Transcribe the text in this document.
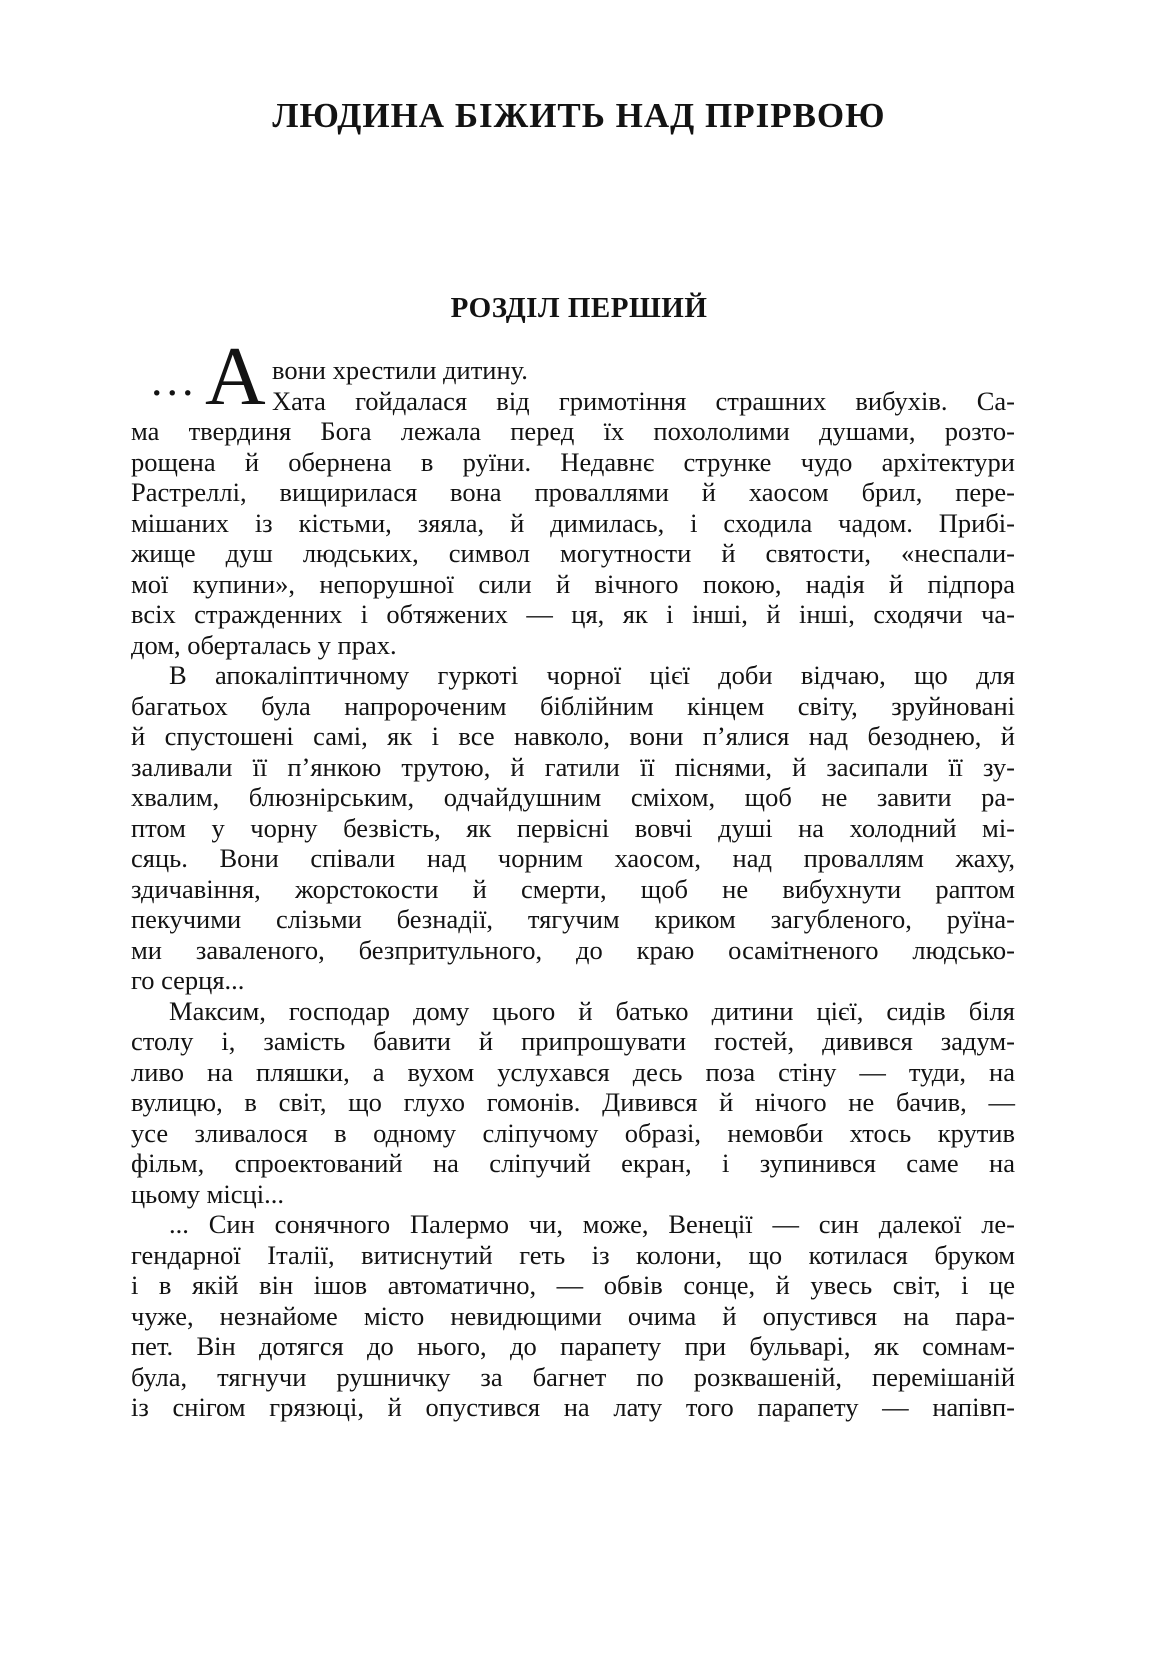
ЛЮДИНА БІЖИТЬ НАД ПРІРВОЮ
РОЗДІЛ ПЕРШИЙ
... А вони хрестили дитину.
Хата гойдалася від гримотіння страшних вибухів. Са-
ма твердиня Бога лежала перед їх похололими душами, розто-
рощена й обернена в руїни. Недавнє струнке чудо архітектури
Растреллі, вищирилася вона проваллями й хаосом брил, пере-
мішаних із кістьми, зяяла, й димилась, і сходила чадом. Прибі-
жище душ людських, символ могутности й святости, «неспали-
мої купини», непорушної сили й вічного покою, надія й підпора
всіх стражденних і обтяжених — ця, як і інші, й інші, сходячи ча-
дом, оберталась у прах.
В апокаліптичному гуркоті чорної цієї доби відчаю, що для
багатьох була напророченим біблійним кінцем світу, зруйновані
й спустошені самі, як і все навколо, вони п’ялися над безоднею, й
заливали її п’янкою трутою, й гатили її піснями, й засипали її зу-
хвалим, блюзнірським, одчайдушним сміхом, щоб не завити ра-
птом у чорну безвість, як первісні вовчі душі на холодний мі-
сяць. Вони співали над чорним хаосом, над проваллям жаху,
здичавіння, жорстокости й смерти, щоб не вибухнути раптом
пекучими слізьми безнадії, тягучим криком загубленого, руїна-
ми заваленого, безпритульного, до краю осамітненого людсько-
го серця...
Максим, господар дому цього й батько дитини цієї, сидів біля
столу і, замість бавити й припрошувати гостей, дивився задум-
ливо на пляшки, а вухом услухався десь поза стіну — туди, на
вулицю, в світ, що глухо гомонів. Дивився й нічого не бачив, —
усе зливалося в одному сліпучому образі, немовби хтось крутив
фільм, спроектований на сліпучий екран, і зупинився саме на
цьому місці...
... Син сонячного Палермо чи, може, Венеції — син далекої ле-
гендарної Італії, витиснутий геть із колони, що котилася бруком
і в якій він ішов автоматично, — обвів сонце, й увесь світ, і це
чуже, незнайоме місто невидющими очима й опустився на пара-
пет. Він дотягся до нього, до парапету при бульварі, як сомнам-
була, тягнучи рушничку за багнет по розквашеній, перемішаній
із снігом грязюці, й опустився на лату того парапету — напівп-
